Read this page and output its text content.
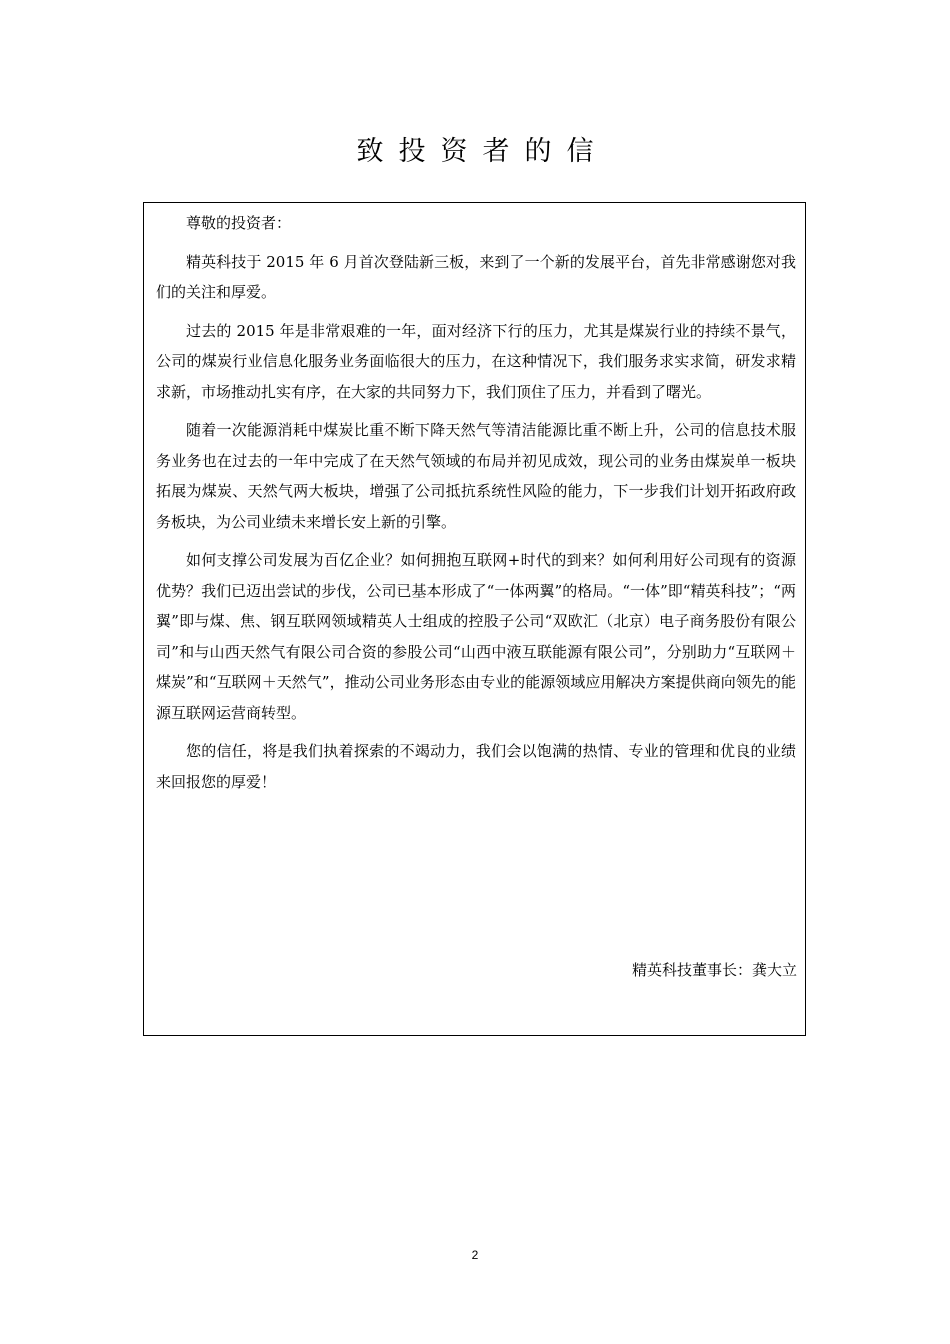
致投资者的信

尊敬的投资者：

精英科技于 2015 年 6 月首次登陆新三板，来到了一个新的发展平台，首先非常感谢您对我们的关注和厚爱。

过去的 2015 年是非常艰难的一年，面对经济下行的压力，尤其是煤炭行业的持续不景气，公司的煤炭行业信息化服务业务面临很大的压力，在这种情况下，我们服务求实求简，研发求精求新，市场推动扎实有序，在大家的共同努力下，我们顶住了压力，并看到了曙光。

随着一次能源消耗中煤炭比重不断下降天然气等清洁能源比重不断上升，公司的信息技术服务业务也在过去的一年中完成了在天然气领域的布局并初见成效，现公司的业务由煤炭单一板块拓展为煤炭、天然气两大板块，增强了公司抵抗系统性风险的能力，下一步我们计划开拓政府政务板块，为公司业绩未来增长安上新的引擎。

如何支撑公司发展为百亿企业？如何拥抱互联网+时代的到来？如何利用好公司现有的资源优势？我们已迈出尝试的步伐，公司已基本形成了“一体两翼”的格局。“一体”即“精英科技”；“两翼”即与煤、焦、钢互联网领域精英人士组成的控股子公司“双欧汇（北京）电子商务股份有限公司”和与山西天然气有限公司合资的参股公司“山西中液互联能源有限公司”，分别助力“互联网＋煤炭”和“互联网＋天然气”，推动公司业务形态由专业的能源领域应用解决方案提供商向领先的能源互联网运营商转型。

您的信任，将是我们执着探索的不竭动力，我们会以饱满的热情、专业的管理和优良的业绩来回报您的厚爱！

精英科技董事长：龚大立
2
